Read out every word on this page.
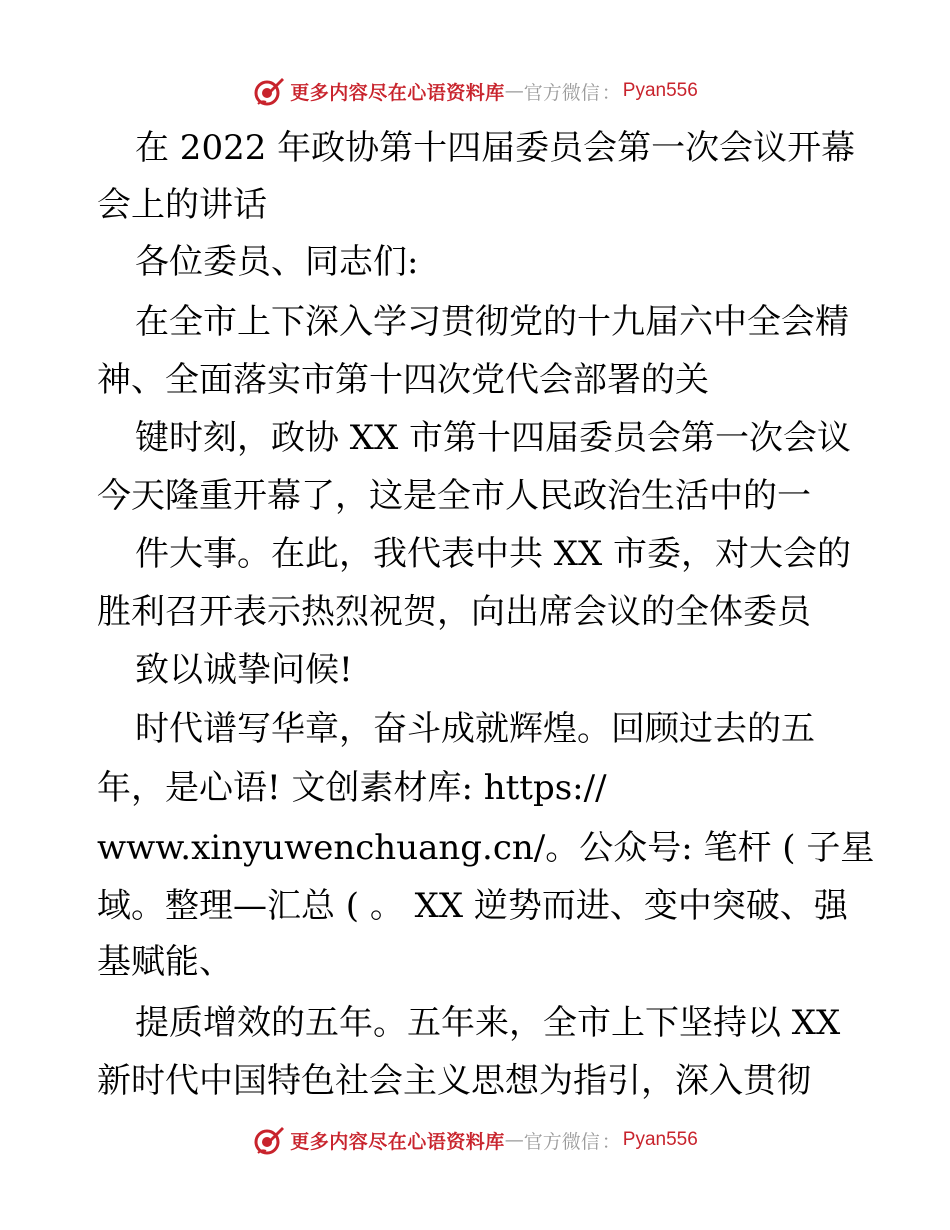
更多内容尽在心语资料库 — 官方微信 ： Pyan556
在 2022 年政协第十四届委员会第一次会议开幕
会上的讲话
各位委员、同志们:
在全市上下深入学习贯彻党的十九届六中全会精
神、全面落实市第十四次党代会部署的关
键时刻，政协 XX 市第十四届委员会第一次会议
今天隆重开幕了，这是全市人民政治生活中的一
件大事。在此，我代表中共 XX 市委，对大会的
胜利召开表示热烈祝贺，向出席会议的全体委员
致以诚挚问候!
时代谱写华章，奋斗成就辉煌。回顾过去的五
年，是心语! 文创素材库: https://
www.xinyuwenchuang.cn/。公众号: 笔杆 ( 子星
域。整理—汇总 ( 。 XX 逆势而进、变中突破、强
基赋能、
提质增效的五年。五年来，全市上下坚持以 XX
新时代中国特色社会主义思想为指引，深入贯彻
更多内容尽在心语资料库 — 官方微信 ： Pyan556
